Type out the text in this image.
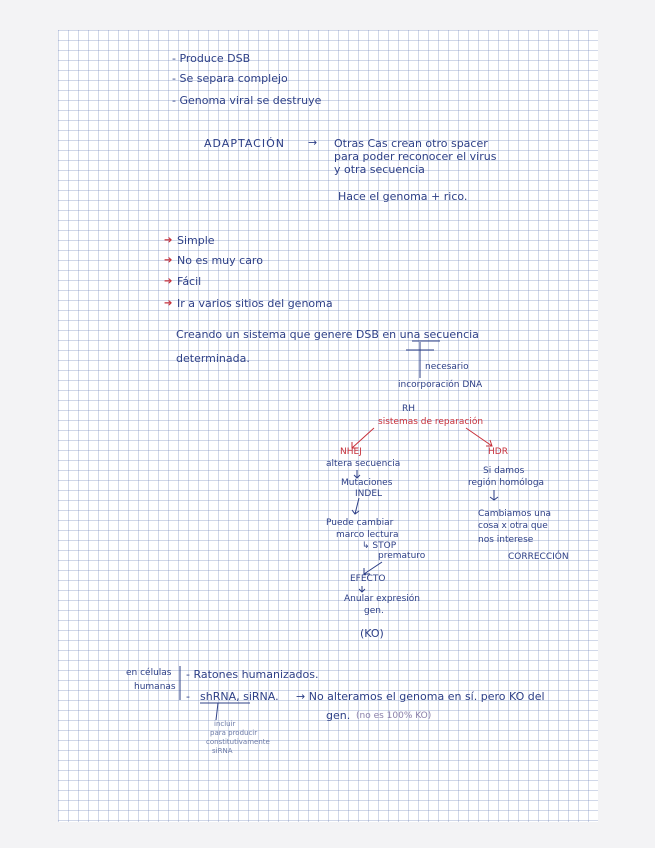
- Produce DSB
- Se separa complejo
- Genoma viral se destruye
ADAPTACIÓN → Otras Cas crean otro spacer
para poder reconocer el virus
y otra secuencia
Hace el genoma + rico.
➔ Simple
➔ No es muy caro
➔ Fácil
➔ Ir a varios sitios del genoma
Creando un sistema que genere DSB en una secuencia
determinada.
necesario
incorporación DNA
RH
sistemas de reparación
NHEJ
altera secuencia
Mutaciones
INDEL
Puede cambiar
marco lectura
↳ STOP
prematuro
EFECTO
Anular expresión
gen.
(KO)
HDR
Si damos
región homóloga
Cambiamos una
cosa x otra que
nos interese
CORRECCIÓN
en células
humanas
- Ratones humanizados.
- shRNA, siRNA. → No alteramos el genoma en sí. pero KO del
gen. (no es 100% KO)
incluir
para producir
constitutivamente
siRNA
